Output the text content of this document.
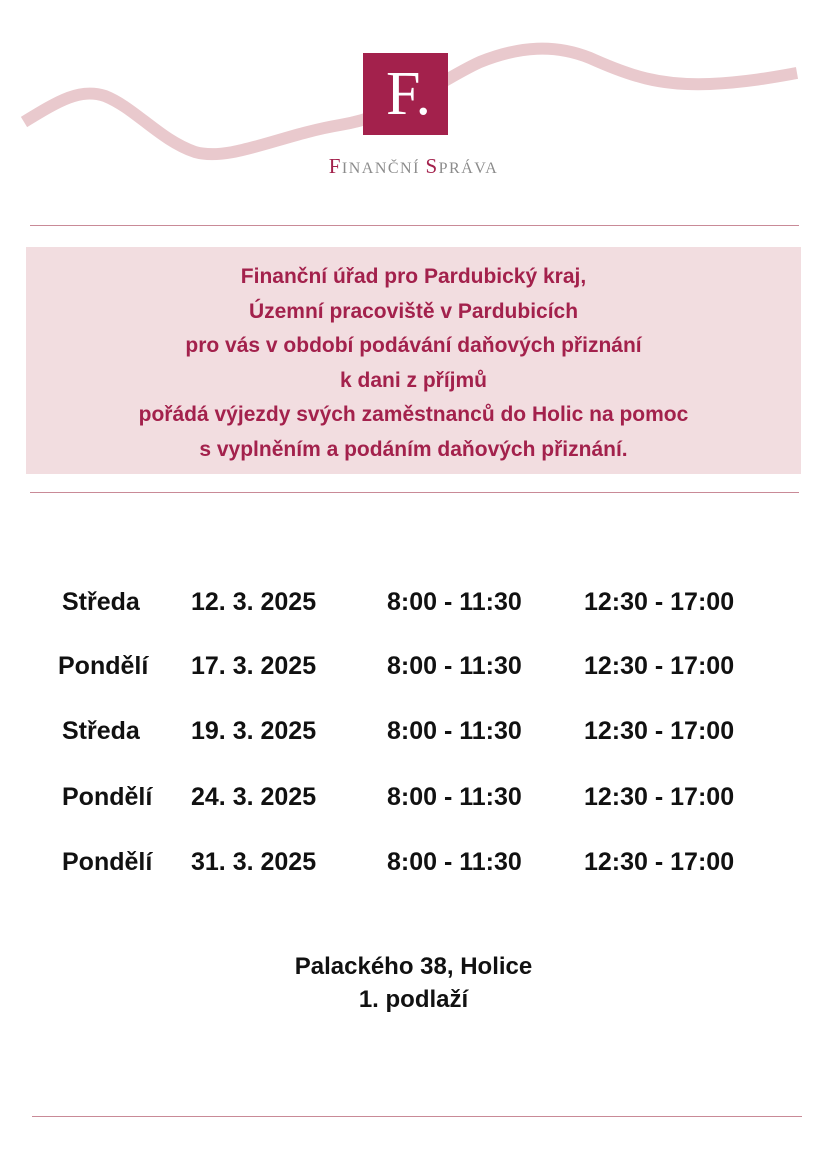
F.
FINANČNÍ SPRÁVA
Finanční úřad pro Pardubický kraj,
Územní pracoviště v Pardubicích
pro vás v období podávání daňových přiznání
k dani z příjmů
pořádá výjezdy svých zaměstnanců do Holic na pomoc
s vyplněním a podáním daňových přiznání.
Středa 12. 3. 2025	8:00 - 11:30 12:30 - 17:00
Pondělí 17. 3. 2025	8:00 - 11:30 12:30 - 17:00
Středa 19. 3. 2025	8:00 - 11:30 12:30 - 17:00
Pondělí 24. 3. 2025	8:00 - 11:30 12:30 - 17:00
Pondělí 31. 3. 2025	8:00 - 11:30 12:30 - 17:00
Palackého 38, Holice
1. podlaží
